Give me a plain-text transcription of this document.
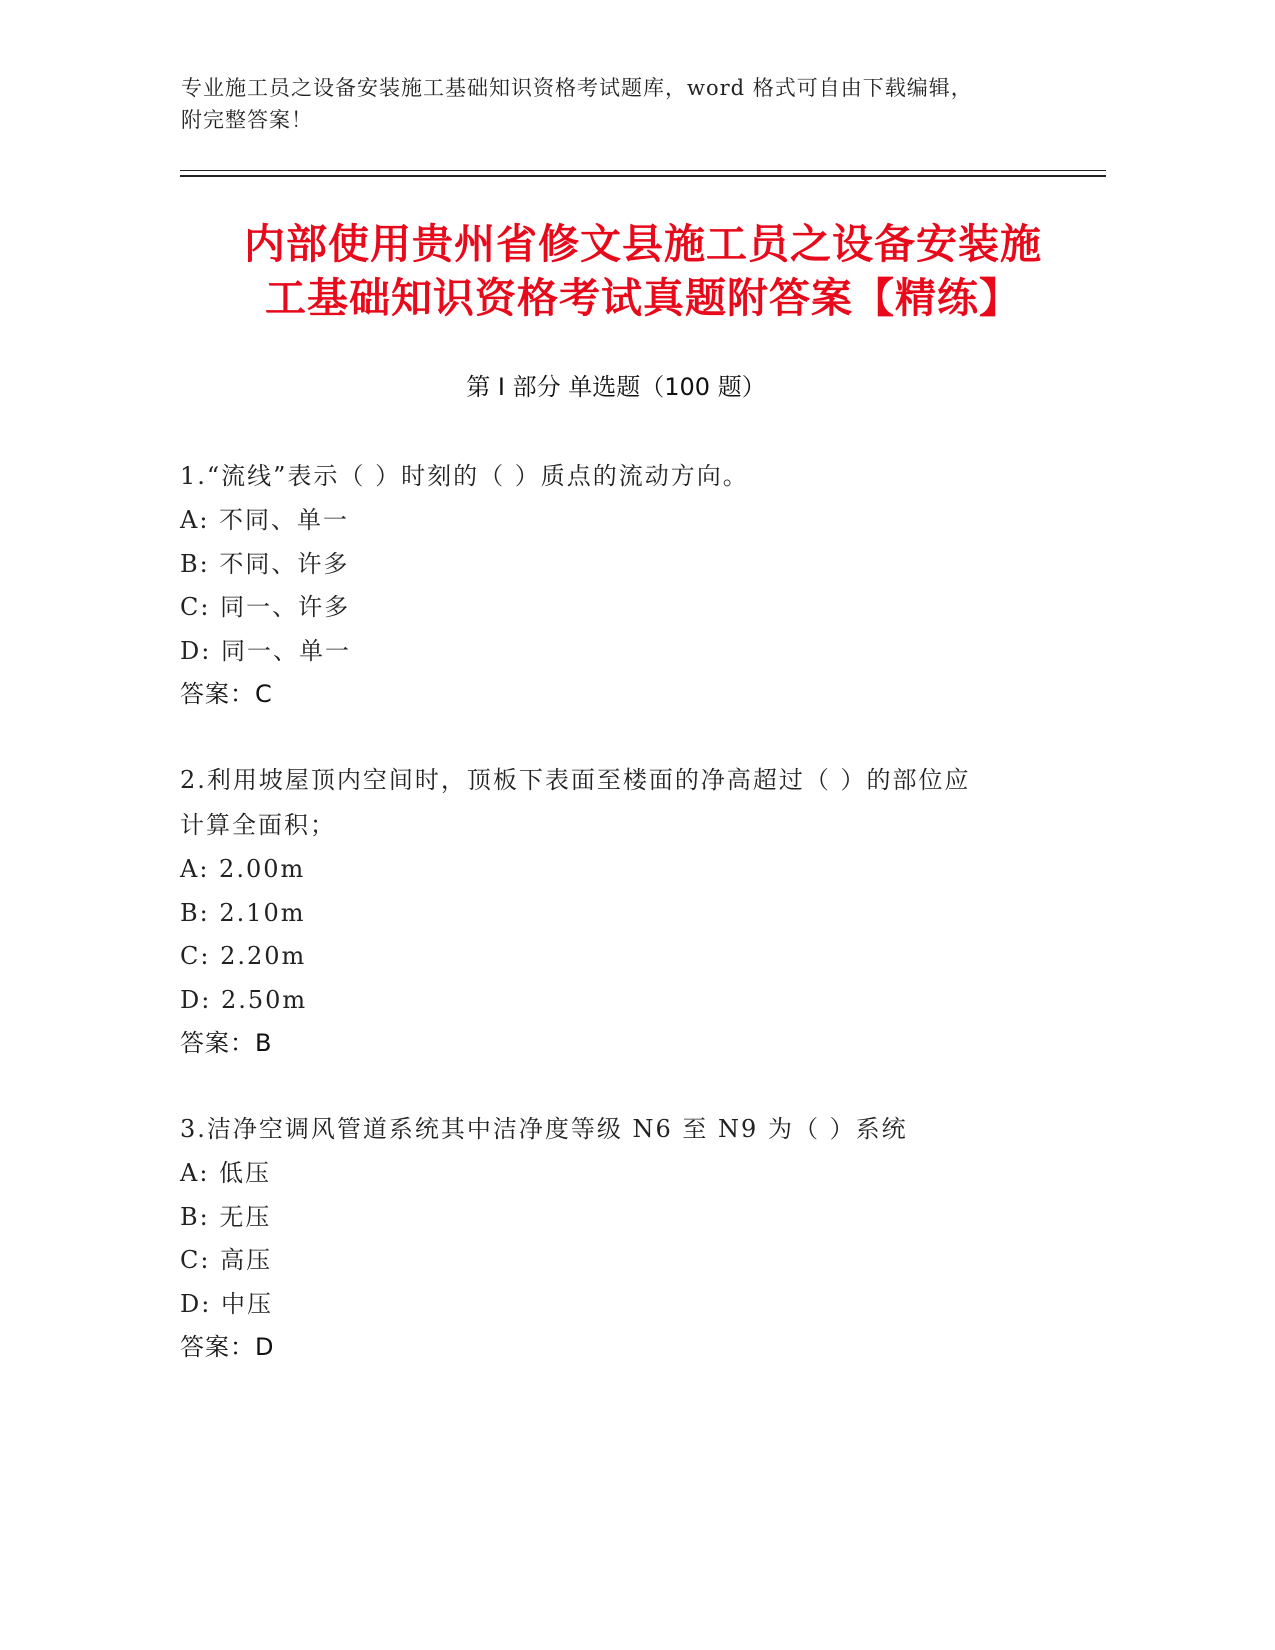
专业施工员之设备安装施工基础知识资格考试题库，word 格式可自由下载编辑，
附完整答案！
内部使用贵州省修文县施工员之设备安装施
工基础知识资格考试真题附答案【精练】
第 I 部分 单选题（100 题）

1.“流线”表示（ ）时刻的（ ）质点的流动方向。

A: 不同、单一

B: 不同、许多

C: 同一、许多

D: 同一、单一

答案：C

2.利用坡屋顶内空间时，顶板下表面至楼面的净高超过（ ）的部位应

计算全面积；

A: 2.00m

B: 2.10m

C: 2.20m

D: 2.50m

答案：B

3.洁净空调风管道系统其中洁净度等级 N6 至 N9 为（ ）系统

A: 低压

B: 无压

C: 高压

D: 中压

答案：D
